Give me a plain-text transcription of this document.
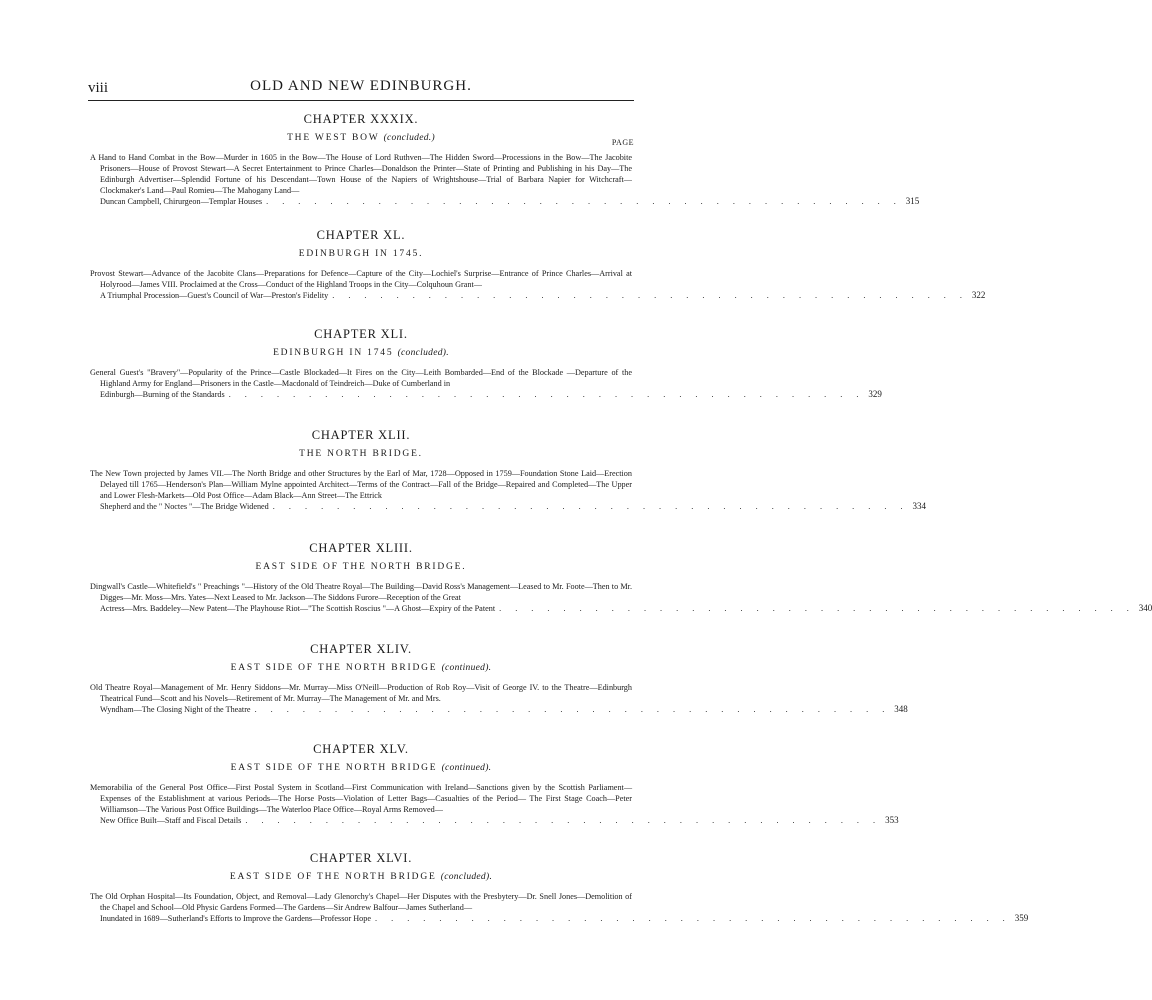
viii	OLD AND NEW EDINBURGH.
PAGE
CHAPTER XXXIX.
THE WEST BOW (concluded.)
A Hand to Hand Combat in the Bow—Murder in 1605 in the Bow—The House of Lord Ruthven—The Hidden Sword—Processions in the Bow—The Jacobite Prisoners—House of Provost Stewart—A Secret Entertainment to Prince Charles—Donaldson the Printer—State of Printing and Publishing in his Day—The Edinburgh Advertiser—Splendid Fortune of his Descendant—Town House of the Napiers of Wrightshouse—Trial of Barbara Napier for Witchcraft—Clockmaker's Land—Paul Romieu—The Mahogany Land—
Duncan Campbell, Chirurgeon—Templar Houses . . . . . . . . . . . . . . . . . . . . . . . . . . . . . . . . . . . . . . . . 315
CHAPTER XL.
EDINBURGH IN 1745.
Provost Stewart—Advance of the Jacobite Clans—Preparations for Defence—Capture of the City—Lochiel's Surprise—Entrance of Prince Charles—Arrival at Holyrood—James VIII. Proclaimed at the Cross—Conduct of the Highland Troops in the City—Colquhoun Grant—
A Triumphal Procession—Guest's Council of War—Preston's Fidelity . . . . . . . . . . . . . . . . . . . . . . . . . . . . . . . . . . . . . . . . 322
CHAPTER XLI.
EDINBURGH IN 1745 (concluded).
General Guest's "Bravery"—Popularity of the Prince—Castle Blockaded—It Fires on the City—Leith Bombarded—End of the Blockade —Departure of the Highland Army for England—Prisoners in the Castle—Macdonald of Teindreich—Duke of Cumberland in
Edinburgh—Burning of the Standards . . . . . . . . . . . . . . . . . . . . . . . . . . . . . . . . . . . . . . . . 329
CHAPTER XLII.
THE NORTH BRIDGE.
The New Town projected by James VII.—The North Bridge and other Structures by the Earl of Mar, 1728—Opposed in 1759—Foundation Stone Laid—Erection Delayed till 1765—Henderson's Plan—William Mylne appointed Architect—Terms of the Contract—Fall of the Bridge—Repaired and Completed—The Upper and Lower Flesh-Markets—Old Post Office—Adam Black—Ann Street—The Ettrick
Shepherd and the " Noctes "—The Bridge Widened . . . . . . . . . . . . . . . . . . . . . . . . . . . . . . . . . . . . . . . . 334
CHAPTER XLIII.
EAST SIDE OF THE NORTH BRIDGE.
Dingwall's Castle—Whitefield's " Preachings "—History of the Old Theatre Royal—The Building—David Ross's Management—Leased to Mr. Foote—Then to Mr. Digges—Mr. Moss—Mrs. Yates—Next Leased to Mr. Jackson—The Siddons Furore—Reception of the Great
Actress—Mrs. Baddeley—New Patent—The Playhouse Riot—"The Scottish Roscius "—A Ghost—Expiry of the Patent . . . . . . . . . . . . . . . . . . . . . . . . . . . . . . . . . . . . . . . . 340
CHAPTER XLIV.
EAST SIDE OF THE NORTH BRIDGE (continued).
Old Theatre Royal—Management of Mr. Henry Siddons—Mr. Murray—Miss O'Neill—Production of Rob Roy—Visit of George IV. to the Theatre—Edinburgh Theatrical Fund—Scott and his Novels—Retirement of Mr. Murray—The Management of Mr. and Mrs.
Wyndham—The Closing Night of the Theatre . . . . . . . . . . . . . . . . . . . . . . . . . . . . . . . . . . . . . . . . 348
CHAPTER XLV.
EAST SIDE OF THE NORTH BRIDGE (continued).
Memorabilia of the General Post Office—First Postal System in Scotland—First Communication with Ireland—Sanctions given by the Scottish Parliament—Expenses of the Establishment at various Periods—The Horse Posts—Violation of Letter Bags—Casualties of the Period— The First Stage Coach—Peter Williamson—The Various Post Office Buildings—The Waterloo Place Office—Royal Arms Removed—
New Office Built—Staff and Fiscal Details . . . . . . . . . . . . . . . . . . . . . . . . . . . . . . . . . . . . . . . . 353
CHAPTER XLVI.
EAST SIDE OF THE NORTH BRIDGE (concluded).
The Old Orphan Hospital—Its Foundation, Object, and Removal—Lady Glenorchy's Chapel—Her Disputes with the Presbytery—Dr. Snell Jones—Demolition of the Chapel and School—Old Physic Gardens Formed—The Gardens—Sir Andrew Balfour—James Sutherland—
Inundated in 1689—Sutherland's Efforts to Improve the Gardens—Professor Hope . . . . . . . . . . . . . . . . . . . . . . . . . . . . . . . . . . . . . . . . 359
